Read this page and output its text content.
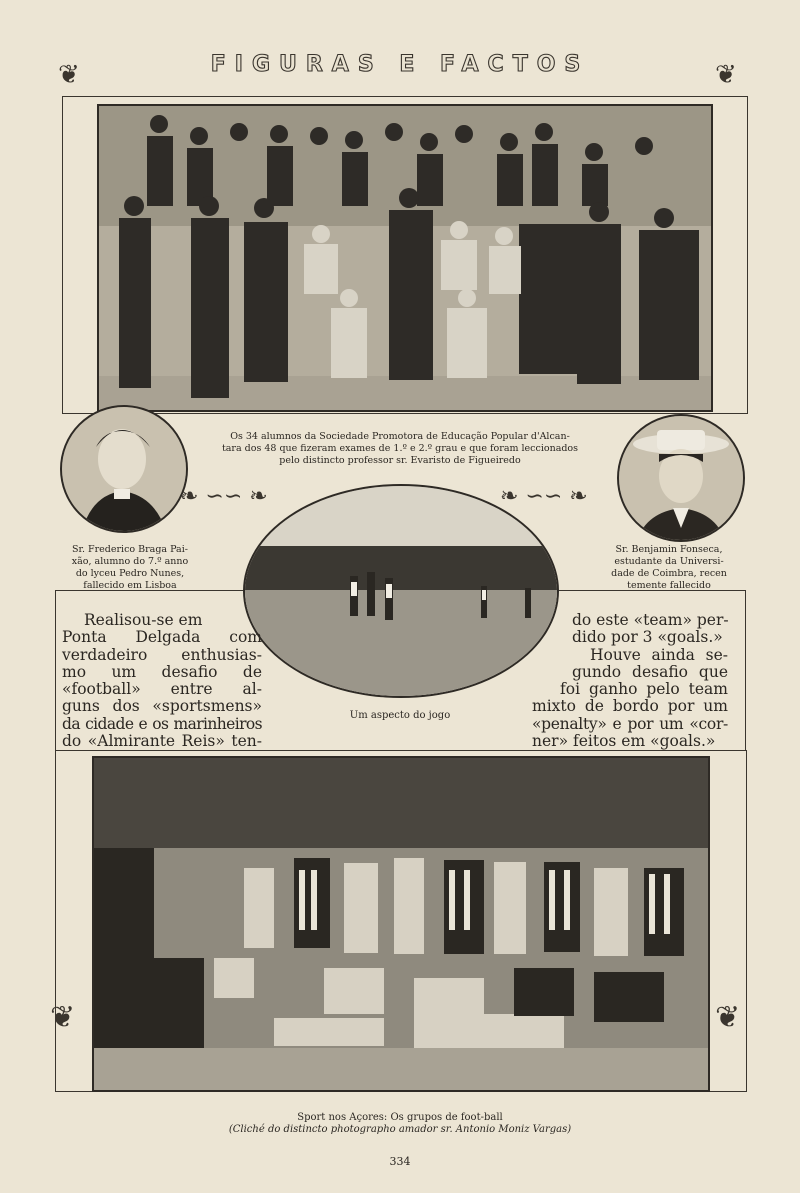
FIGURAS E FACTOS
❦	❦
Os 34 alumnos da Sociedade Promotora de Educação Popular d'Alcan-
tara dos 48 que fizeram exames de 1.º e 2.º grau e que foram leccionados
pelo distincto professor sr. Evaristo de Figueiredo
Sr. Frederico Braga Pai-
xão, alumno do 7.º anno
do lyceu Pedro Nunes,
fallecido em Lisboa
Sr. Benjamin Fonseca,
estudante da Universi-
dade de Coimbra, recen
temente fallecido
❧ ∽∽ ❧	❧ ∽∽ ❧
Um aspecto do jogo
Realisou-se em
Ponta Delgada com
verdadeiro enthusias-
mo um desafio de
«football» entre al-
guns dos «sportsmens»
da cidade e os marinheiros
do «Almirante Reis» ten-
do este «team» per-
dido por 3 «goals.»
Houve ainda se-
gundo desafio que
foi ganho pelo team
mixto de bordo por um
«penalty» e por um «cor-
ner» feitos em «goals.»
❦	❦
Sport nos Açores: Os grupos de foot-ball
(Cliché do distincto photographo amador sr. Antonio Moniz Vargas)
334
